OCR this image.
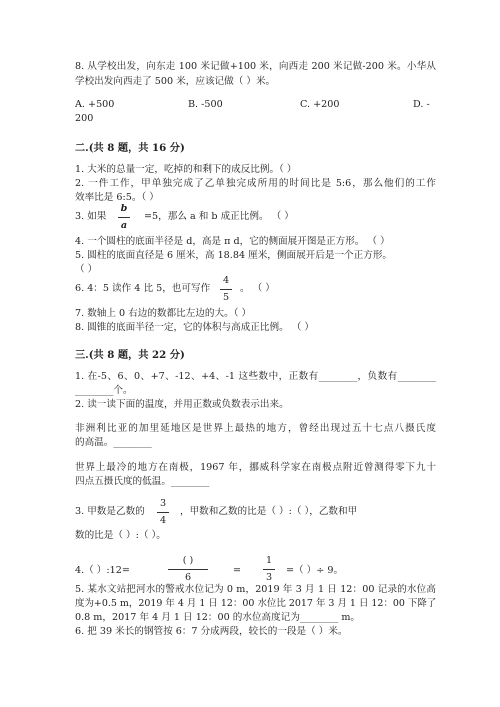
8. 从学校出发，向东走 100 米记做+100 米，向西走 200 米记做-200 米。小华从
学校出发向西走了 500 米，应该记做（ ）米。
A. +500	B. -500	C. +200	D. -
200
二.(共 8 题，共 16 分)
1. 大米的总量一定，吃掉的和剩下的成反比例。（ ）
2. 一件工作，甲单独完成了乙单独完成所用的时间比是 5:6，那么他们的工作
效率比是 6:5。（ ）
3. 如果
b
a
=5，那么 a 和 b 成正比例。 （ ）
4. 一个圆柱的底面半径是 d，高是 π d，它的侧面展开图是正方形。 （ ）
5. 圆柱的底面直径是 6 厘米，高 18.84 厘米，侧面展开后是一个正方形。
（ ）
6. 4：5 读作 4 比 5，也可写作
4
5
。 （ ）
7. 数轴上 0 右边的数都比左边的大。（ ）
8. 圆锥的底面半径一定，它的体积与高成正比例。 （ ）
三.(共 8 题，共 22 分)
1. 在-5、6、0、+7、-12、+4、-1 这些数中，正数有________，负数有________
________个。
2. 读一读下面的温度，并用正数或负数表示出来。
非洲利比亚的加里延地区是世界上最热的地方，曾经出现过五十七点八摄氏度
的高温。________
世界上最冷的地方在南极，1967 年，挪威科学家在南极点附近曾测得零下九十
四点五摄氏度的低温。________
3. 甲数是乙数的
3
4
，甲数和乙数的比是（ ）:（ ），乙数和甲
数的比是（ ）:（ ）。
4.（ ）:12=
( )
6
=
1
3
=（ ）÷ 9。
5. 某水文站把河水的警戒水位记为 0 m，2019 年 3 月 1 日 12：00 记录的水位高
度为+0.5 m，2019 年 4 月 1 日 12：00 水位比 2017 年 3 月 1 日 12：00 下降了
0.8 m，2017 年 4 月 1 日 12：00 的水位高度记为________ m。
6. 把 39 米长的钢管按 6：7 分成两段，较长的一段是（ ）米。
